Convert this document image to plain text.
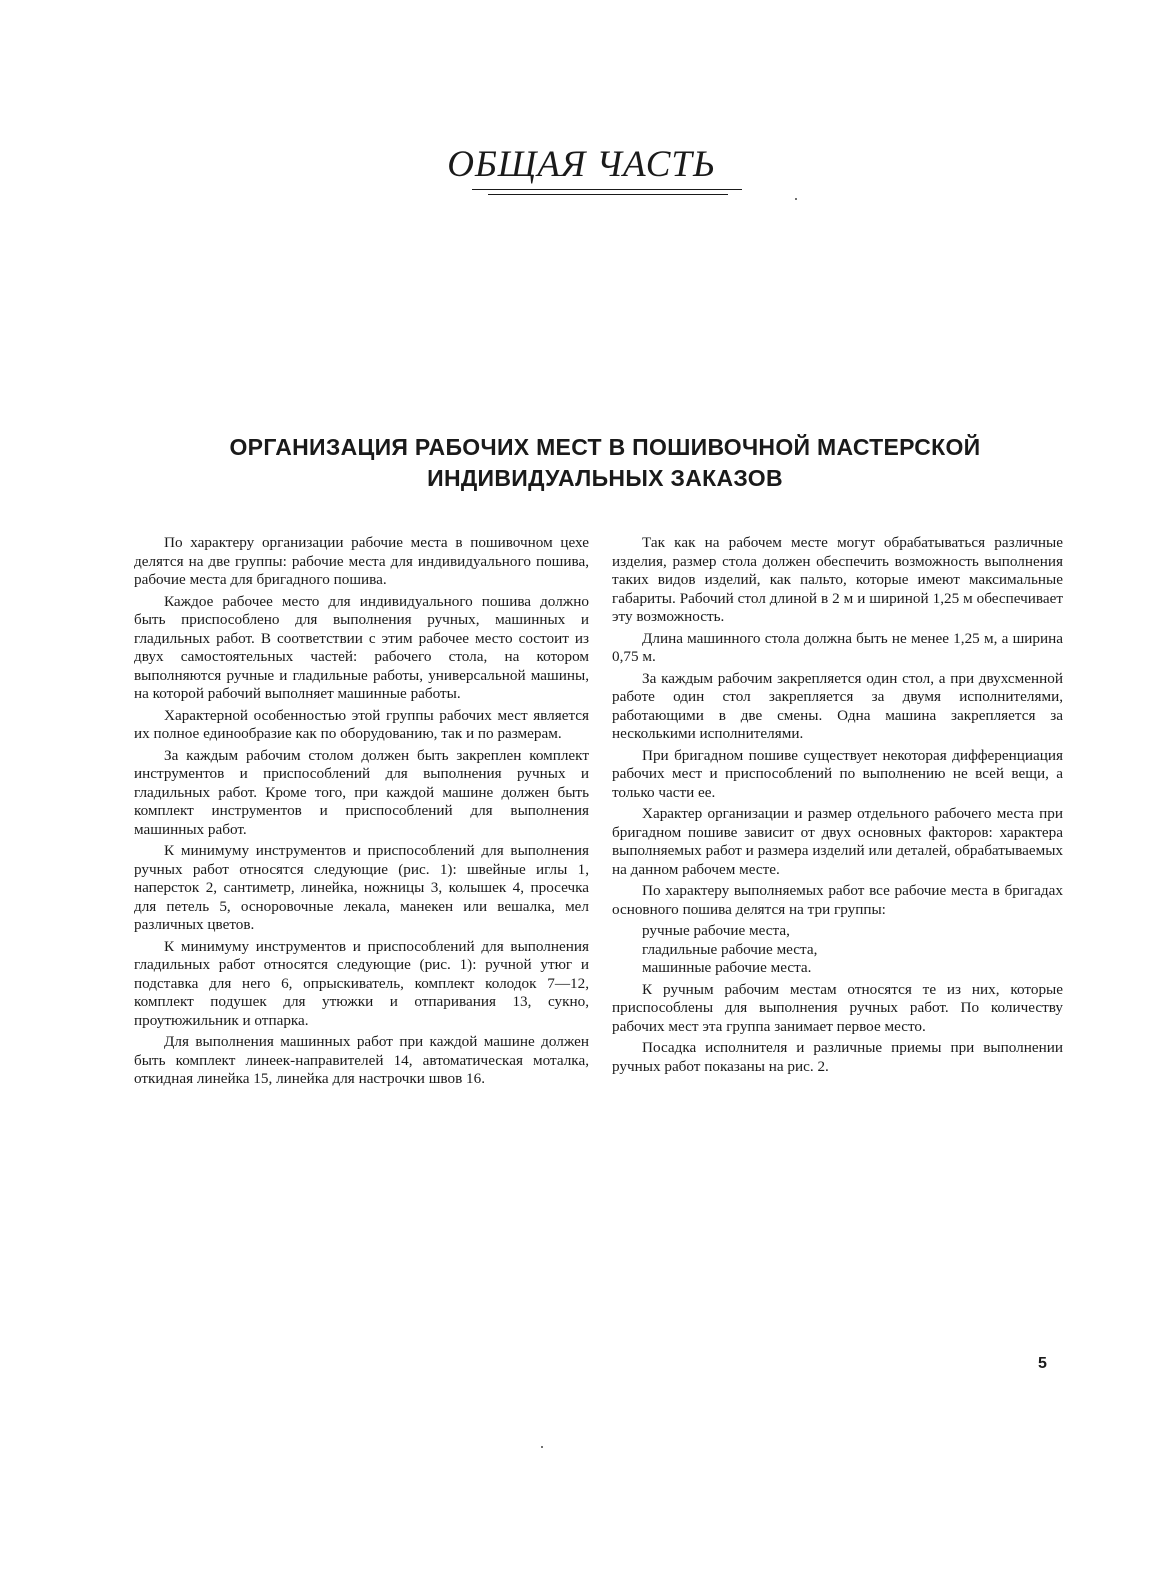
ОБЩАЯ ЧАСТЬ
ОРГАНИЗАЦИЯ РАБОЧИХ МЕСТ В ПОШИВОЧНОЙ МАСТЕРСКОЙ
ИНДИВИДУАЛЬНЫХ ЗАКАЗОВ

По характеру организации рабочие места в пошивочном цехе делятся на две группы: рабочие места для индивидуального пошива, рабочие места для бригадного пошива.

Каждое рабочее место для индивидуального пошива должно быть приспособлено для выполнения ручных, машинных и гладильных работ. В соответствии с этим рабочее место состоит из двух самостоятельных частей: рабочего стола, на котором выполняются ручные и гладильные работы, универсальной машины, на которой рабочий выполняет машинные работы.

Характерной особенностью этой группы рабочих мест является их полное единообразие как по оборудованию, так и по размерам.

За каждым рабочим столом должен быть закреплен комплект инструментов и приспособлений для выполнения ручных и гладильных работ. Кроме того, при каждой машине должен быть комплект инструментов и приспособлений для выполнения машинных работ.

К минимуму инструментов и приспособлений для выполнения ручных работ относятся следующие (рис. 1): швейные иглы 1, наперсток 2, сантиметр, линейка, ножницы 3, колышек 4, просечка для петель 5, осноровочные лекала, манекен или вешалка, мел различных цветов.

К минимуму инструментов и приспособлений для выполнения гладильных работ относятся следующие (рис. 1): ручной утюг и подставка для него 6, опрыскиватель, комплект колодок 7—12, комплект подушек для утюжки и отпаривания 13, сукно, проутюжильник и отпарка.

Для выполнения машинных работ при каждой машине должен быть комплект линеек-направителей 14, автоматическая моталка, откидная линейка 15, линейка для настрочки швов 16.

Так как на рабочем месте могут обрабатываться различные изделия, размер стола должен обеспечить возможность выполнения таких видов изделий, как пальто, которые имеют максимальные габариты. Рабочий стол длиной в 2 м и шириной 1,25 м обеспечивает эту возможность.

Длина машинного стола должна быть не менее 1,25 м, а ширина 0,75 м.

За каждым рабочим закрепляется один стол, а при двухсменной работе один стол закрепляется за двумя исполнителями, работающими в две смены. Одна машина закрепляется за несколькими исполнителями.

При бригадном пошиве существует некоторая дифференциация рабочих мест и приспособлений по выполнению не всей вещи, а только части ее.

Характер организации и размер отдельного рабочего места при бригадном пошиве зависит от двух основных факторов: характера выполняемых работ и размера изделий или деталей, обрабатываемых на данном рабочем месте.

По характеру выполняемых работ все рабочие места в бригадах основного пошива делятся на три группы:

ручные рабочие места,

гладильные рабочие места,

машинные рабочие места.

К ручным рабочим местам относятся те из них, которые приспособлены для выполнения ручных работ. По количеству рабочих мест эта группа занимает первое место.

Посадка исполнителя и различные приемы при выполнении ручных работ показаны на рис. 2.

5
